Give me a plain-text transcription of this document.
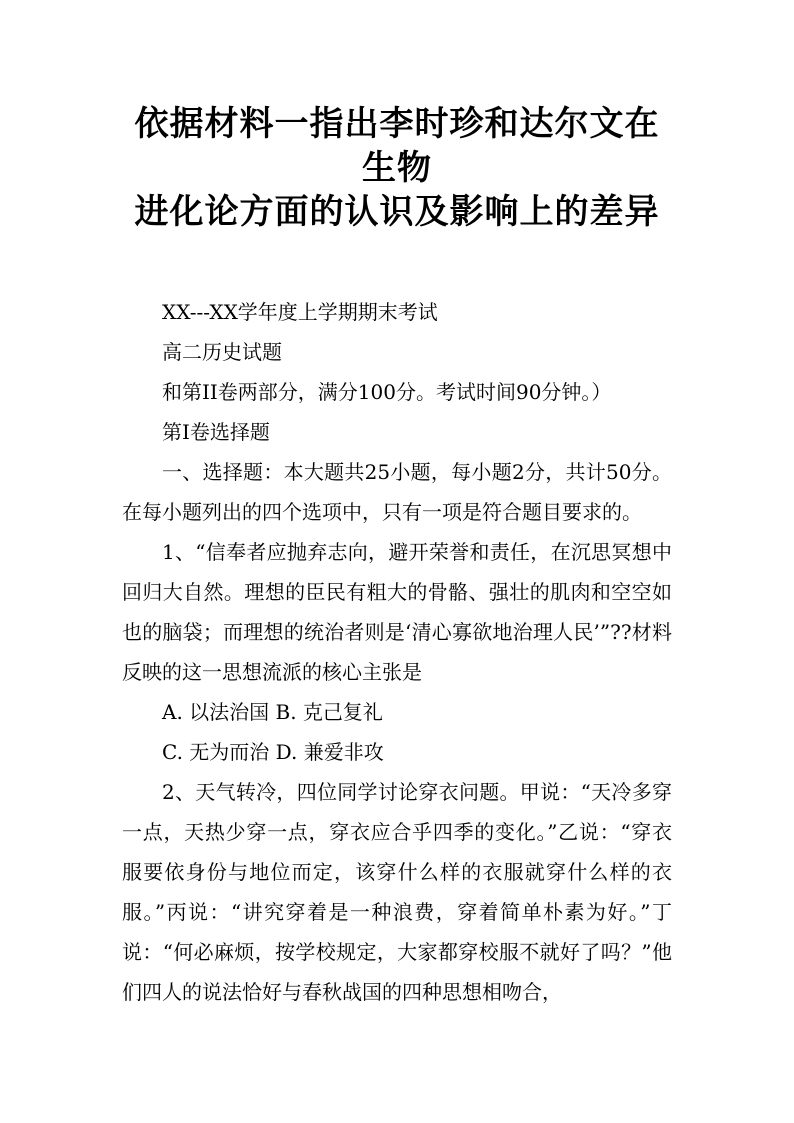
依据材料一指出李时珍和达尔文在生物
进化论方面的认识及影响上的差异

XX---XX学年度上学期期末考试

高二历史试题

和第II卷两部分，满分100分。考试时间90分钟。）

第I卷选择题

一、选择题：本大题共25小题，每小题2分，共计50分。在每小题列出的四个选项中，只有一项是符合题目要求的。

1、“信奉者应抛弃志向，避开荣誉和责任，在沉思冥想中回归大自然。理想的臣民有粗大的骨骼、强壮的肌肉和空空如也的脑袋；而理想的统治者则是‘清心寡欲地治理人民’”??材料反映的这一思想流派的核心主张是

A. 以法治国 B. 克己复礼

C. 无为而治 D. 兼爱非攻

2、天气转冷，四位同学讨论穿衣问题。甲说：“天冷多穿一点，天热少穿一点，穿衣应合乎四季的变化。”乙说：“穿衣服要依身份与地位而定，该穿什么样的衣服就穿什么样的衣服。”丙说：“讲究穿着是一种浪费，穿着简单朴素为好。”丁说：“何必麻烦，按学校规定，大家都穿校服不就好了吗？”他们四人的说法恰好与春秋战国的四种思想相吻合，
